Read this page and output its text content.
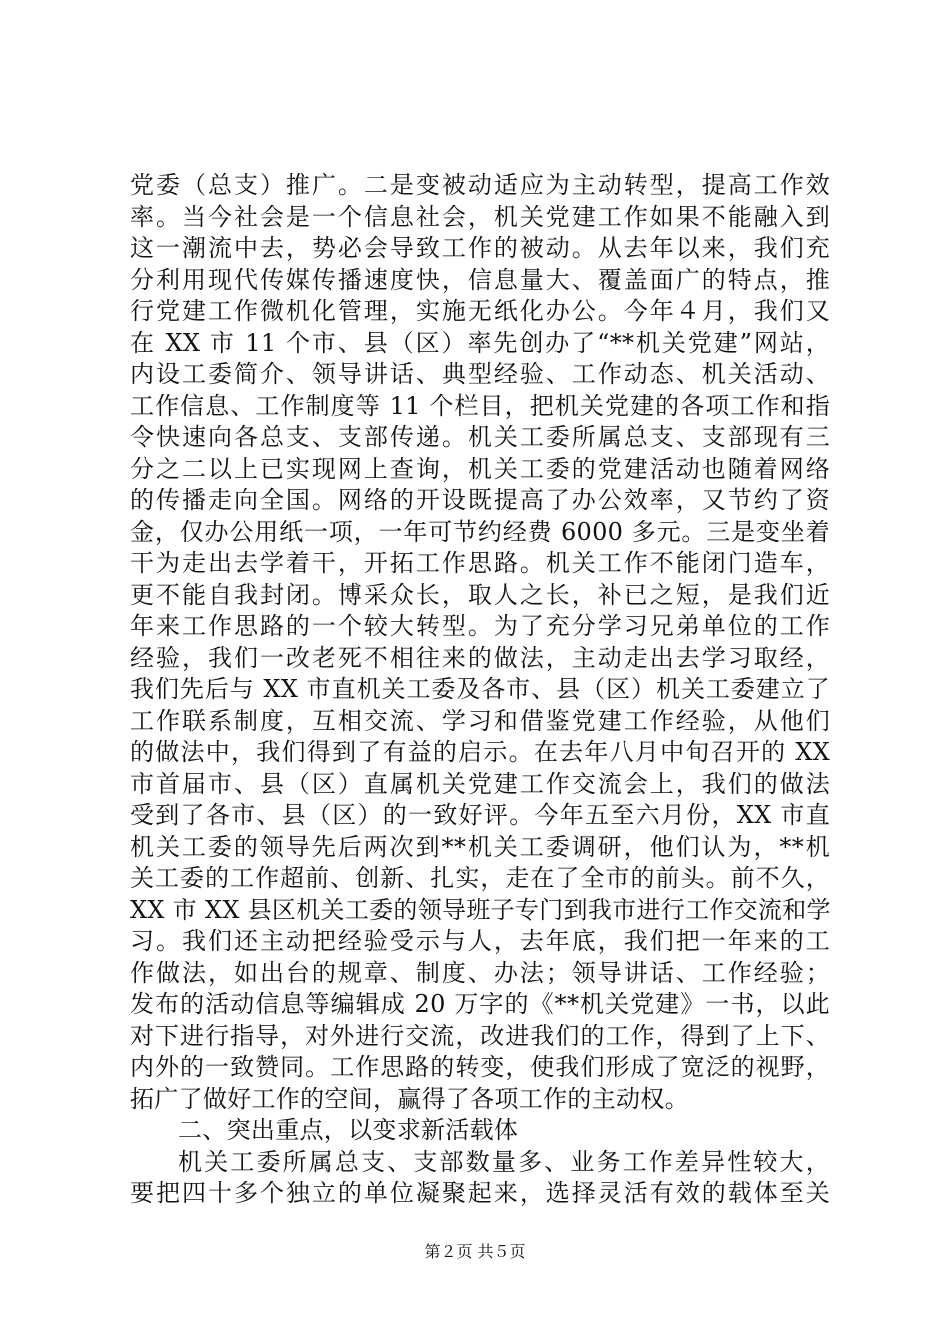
党委（总支）推广。二是变被动适应为主动转型，提高工作效
率。当今社会是一个信息社会，机关党建工作如果不能融入到
这一潮流中去，势必会导致工作的被动。从去年以来，我们充
分利用现代传媒传播速度快，信息量大、覆盖面广的特点，推
行党建工作微机化管理，实施无纸化办公。今年４月，我们又
在 XX 市 11 个市、县（区）率先创办了“**机关党建”网站，
内设工委简介、领导讲话、典型经验、工作动态、机关活动、
工作信息、工作制度等 11 个栏目，把机关党建的各项工作和指
令快速向各总支、支部传递。机关工委所属总支、支部现有三
分之二以上已实现网上查询，机关工委的党建活动也随着网络
的传播走向全国。网络的开设既提高了办公效率，又节约了资
金，仅办公用纸一项，一年可节约经费 6000 多元。三是变坐着
干为走出去学着干，开拓工作思路。机关工作不能闭门造车，
更不能自我封闭。博采众长，取人之长，补已之短，是我们近
年来工作思路的一个较大转型。为了充分学习兄弟单位的工作
经验，我们一改老死不相往来的做法，主动走出去学习取经，
我们先后与 XX 市直机关工委及各市、县（区）机关工委建立了
工作联系制度，互相交流、学习和借鉴党建工作经验，从他们
的做法中，我们得到了有益的启示。在去年八月中旬召开的 XX
市首届市、县（区）直属机关党建工作交流会上，我们的做法
受到了各市、县（区）的一致好评。今年五至六月份，XX 市直
机关工委的领导先后两次到**机关工委调研，他们认为，**机
关工委的工作超前、创新、扎实，走在了全市的前头。前不久，
XX 市 XX 县区机关工委的领导班子专门到我市进行工作交流和学
习。我们还主动把经验受示与人，去年底，我们把一年来的工
作做法，如出台的规章、制度、办法；领导讲话、工作经验；
发布的活动信息等编辑成 20 万字的《**机关党建》一书，以此
对下进行指导，对外进行交流，改进我们的工作，得到了上下、
内外的一致赞同。工作思路的转变，使我们形成了宽泛的视野，
拓广了做好工作的空间，赢得了各项工作的主动权。
二、突出重点，以变求新活载体
机关工委所属总支、支部数量多、业务工作差异性较大，
要把四十多个独立的单位凝聚起来，选择灵活有效的载体至关
第２页 共５页
